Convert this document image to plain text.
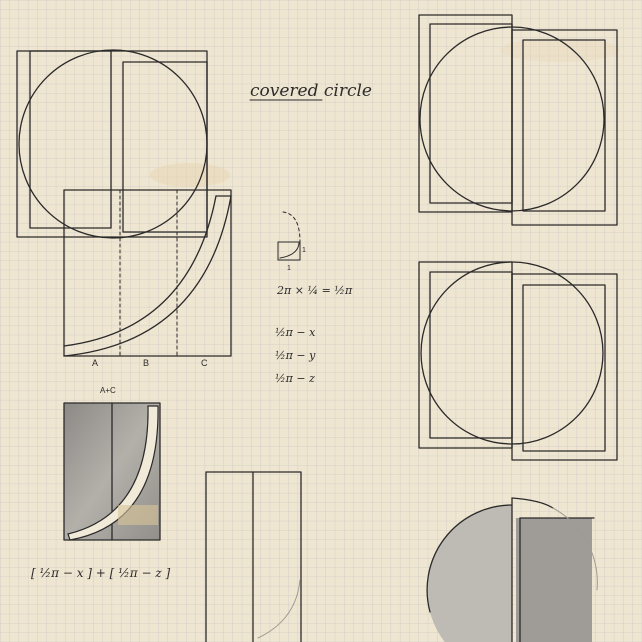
A	B	C
covered circle
1
1
2π × ¼ = ½π
½π − x
½π − y
½π − z
A+C
[ ½π − x ] + [ ½π − z ]
